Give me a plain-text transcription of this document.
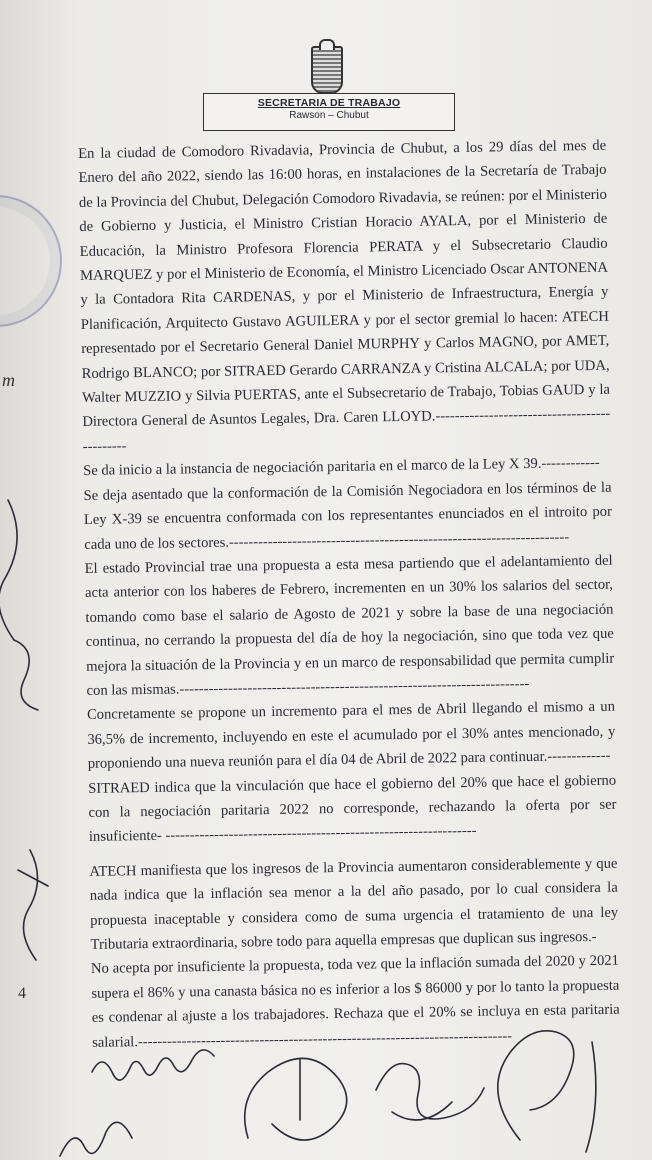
SECRETARIA DE TRABAJO
Rawson – Chubut
m
4

En la ciudad de Comodoro Rivadavia, Provincia de Chubut, a los 29 días del mes de Enero del año 2022, siendo las 16:00 horas, en instalaciones de la Secretaría de Trabajo de la Provincia del Chubut, Delegación Comodoro Rivadavia, se reúnen: por el Ministerio de Gobierno y Justicia, el Ministro Cristian Horacio AYALA, por el Ministerio de Educación, la Ministro Profesora Florencia PERATA y el Subsecretario Claudio MARQUEZ y por el Ministerio de Economía, el Ministro Licenciado Oscar ANTONENA y la Contadora Rita CARDENAS, y por el Ministerio de Infraestructura, Energía y Planificación, Arquitecto Gustavo AGUILERA y por el sector gremial lo hacen: ATECH representado por el Secretario General Daniel MURPHY y Carlos MAGNO, por AMET, Rodrigo BLANCO; por SITRAED Gerardo CARRANZA y Cristina ALCALA; por UDA, Walter MUZZIO y Silvia PUERTAS, ante el Subsecretario de Trabajo, Tobias GAUD y la Directora General de Asuntos Legales, Dra. Caren LLOYD.---------------------------------------------

Se da inicio a la instancia de negociación paritaria en el marco de la Ley X 39.------------

Se deja asentado que la conformación de la Comisión Negociadora en los términos de la Ley X-39 se encuentra conformada con los representantes enunciados en el introito por cada uno de los sectores.----------------------------------------------------------------------

El estado Provincial trae una propuesta a esta mesa partiendo que el adelantamiento del acta anterior con los haberes de Febrero, incrementen en un 30% los salarios del sector, tomando como base el salario de Agosto de 2021 y sobre la base de una negociación continua, no cerrando la propuesta del día de hoy la negociación, sino que toda vez que mejora la situación de la Provincia y en un marco de responsabilidad que permita cumplir con las mismas.------------------------------------------------------------------------

Concretamente se propone un incremento para el mes de Abril llegando el mismo a un 36,5% de incremento, incluyendo en este el acumulado por el 30% antes mencionado, y proponiendo una nueva reunión para el día 04 de Abril de 2022 para continuar.-------------

SITRAED indica que la vinculación que hace el gobierno del 20% que hace el gobierno con la negociación paritaria 2022 no corresponde, rechazando la oferta por ser insuficiente- ----------------------------------------------------------------

ATECH manifiesta que los ingresos de la Provincia aumentaron considerablemente y que nada indica que la inflación sea menor a la del año pasado, por lo cual considera la propuesta inaceptable y considera como de suma urgencia el tratamiento de una ley Tributaria extraordinaria, sobre todo para aquella empresas que duplican sus ingresos.-

No acepta por insuficiente la propuesta, toda vez que la inflación sumada del 2020 y 2021 supera el 86% y una canasta básica no es inferior a los $ 86000 y por lo tanto la propuesta es condenar al ajuste a los trabajadores. Rechaza que el 20% se incluya en esta paritaria salarial.-----------------------------------------------------------------------------
